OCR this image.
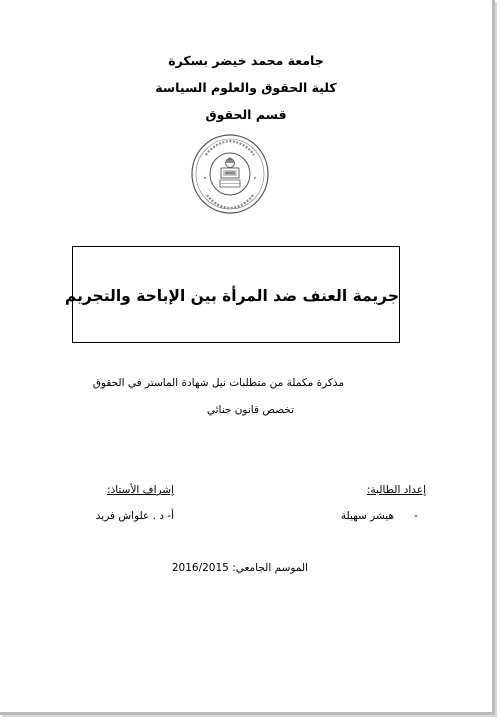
جامعة محمد خيضر بسكرة
كلية الحقوق والعلوم السياسة
قسم الحقوق
جريمة العنف ضد المرأة بين الإباحة والتجريم
مذكرة مكملة من متطلبات نيل شهادة الماستر في الحقوق
تخصص قانون جنائي
إعداد الطالبة:
-
هيشر سهيلة
إشراف الأستاذ:
أ- د . علواش فريد
الموسم الجامعي: 2016/2015
